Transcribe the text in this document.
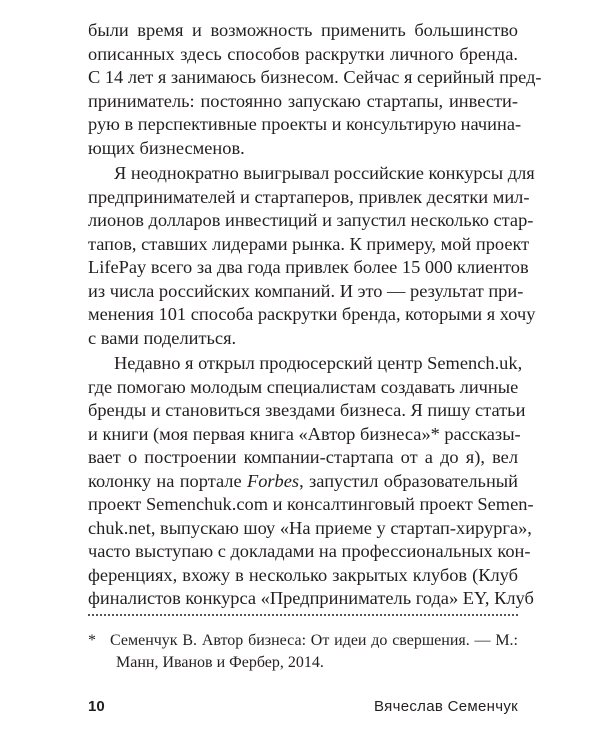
были время и возможность применить большинство
описанных здесь способов раскрутки личного бренда.
С 14 лет я занимаюсь бизнесом. Сейчас я серийный пред-
приниматель: постоянно запускаю стартапы, инвести-
рую в перспективные проекты и консультирую начина-
ющих бизнесменов.
Я неоднократно выигрывал российские конкурсы для
предпринимателей и стартаперов, привлек десятки мил-
лионов долларов инвестиций и запустил несколько стар-
тапов, ставших лидерами рынка. К примеру, мой проект
LifePay всего за два года привлек более 15 000 клиентов
из числа российских компаний. И это — результат при-
менения 101 способа раскрутки бренда, которыми я хочу
с вами поделиться.
Недавно я открыл продюсерский центр Semench.uk,
где помогаю молодым специалистам создавать личные
бренды и становиться звездами бизнеса. Я пишу статьи
и книги (моя первая книга «Автор бизнеса»* рассказы-
вает о построении компании-стартапа от а до я), вел
колонку на портале Forbes, запустил образовательный
проект Semenchuk.com и консалтинговый проект Semen-
chuk.net, выпускаю шоу «На приеме у стартап-хирурга»,
часто выступаю с докладами на профессиональных кон-
ференциях, вхожу в несколько закрытых клубов (Клуб
финалистов конкурса «Предприниматель года» EY, Клуб
* Семенчук В. Автор бизнеса: От идеи до свершения. — М.:
Манн, Иванов и Фербер, 2014.
10	Вячеслав Семенчук
